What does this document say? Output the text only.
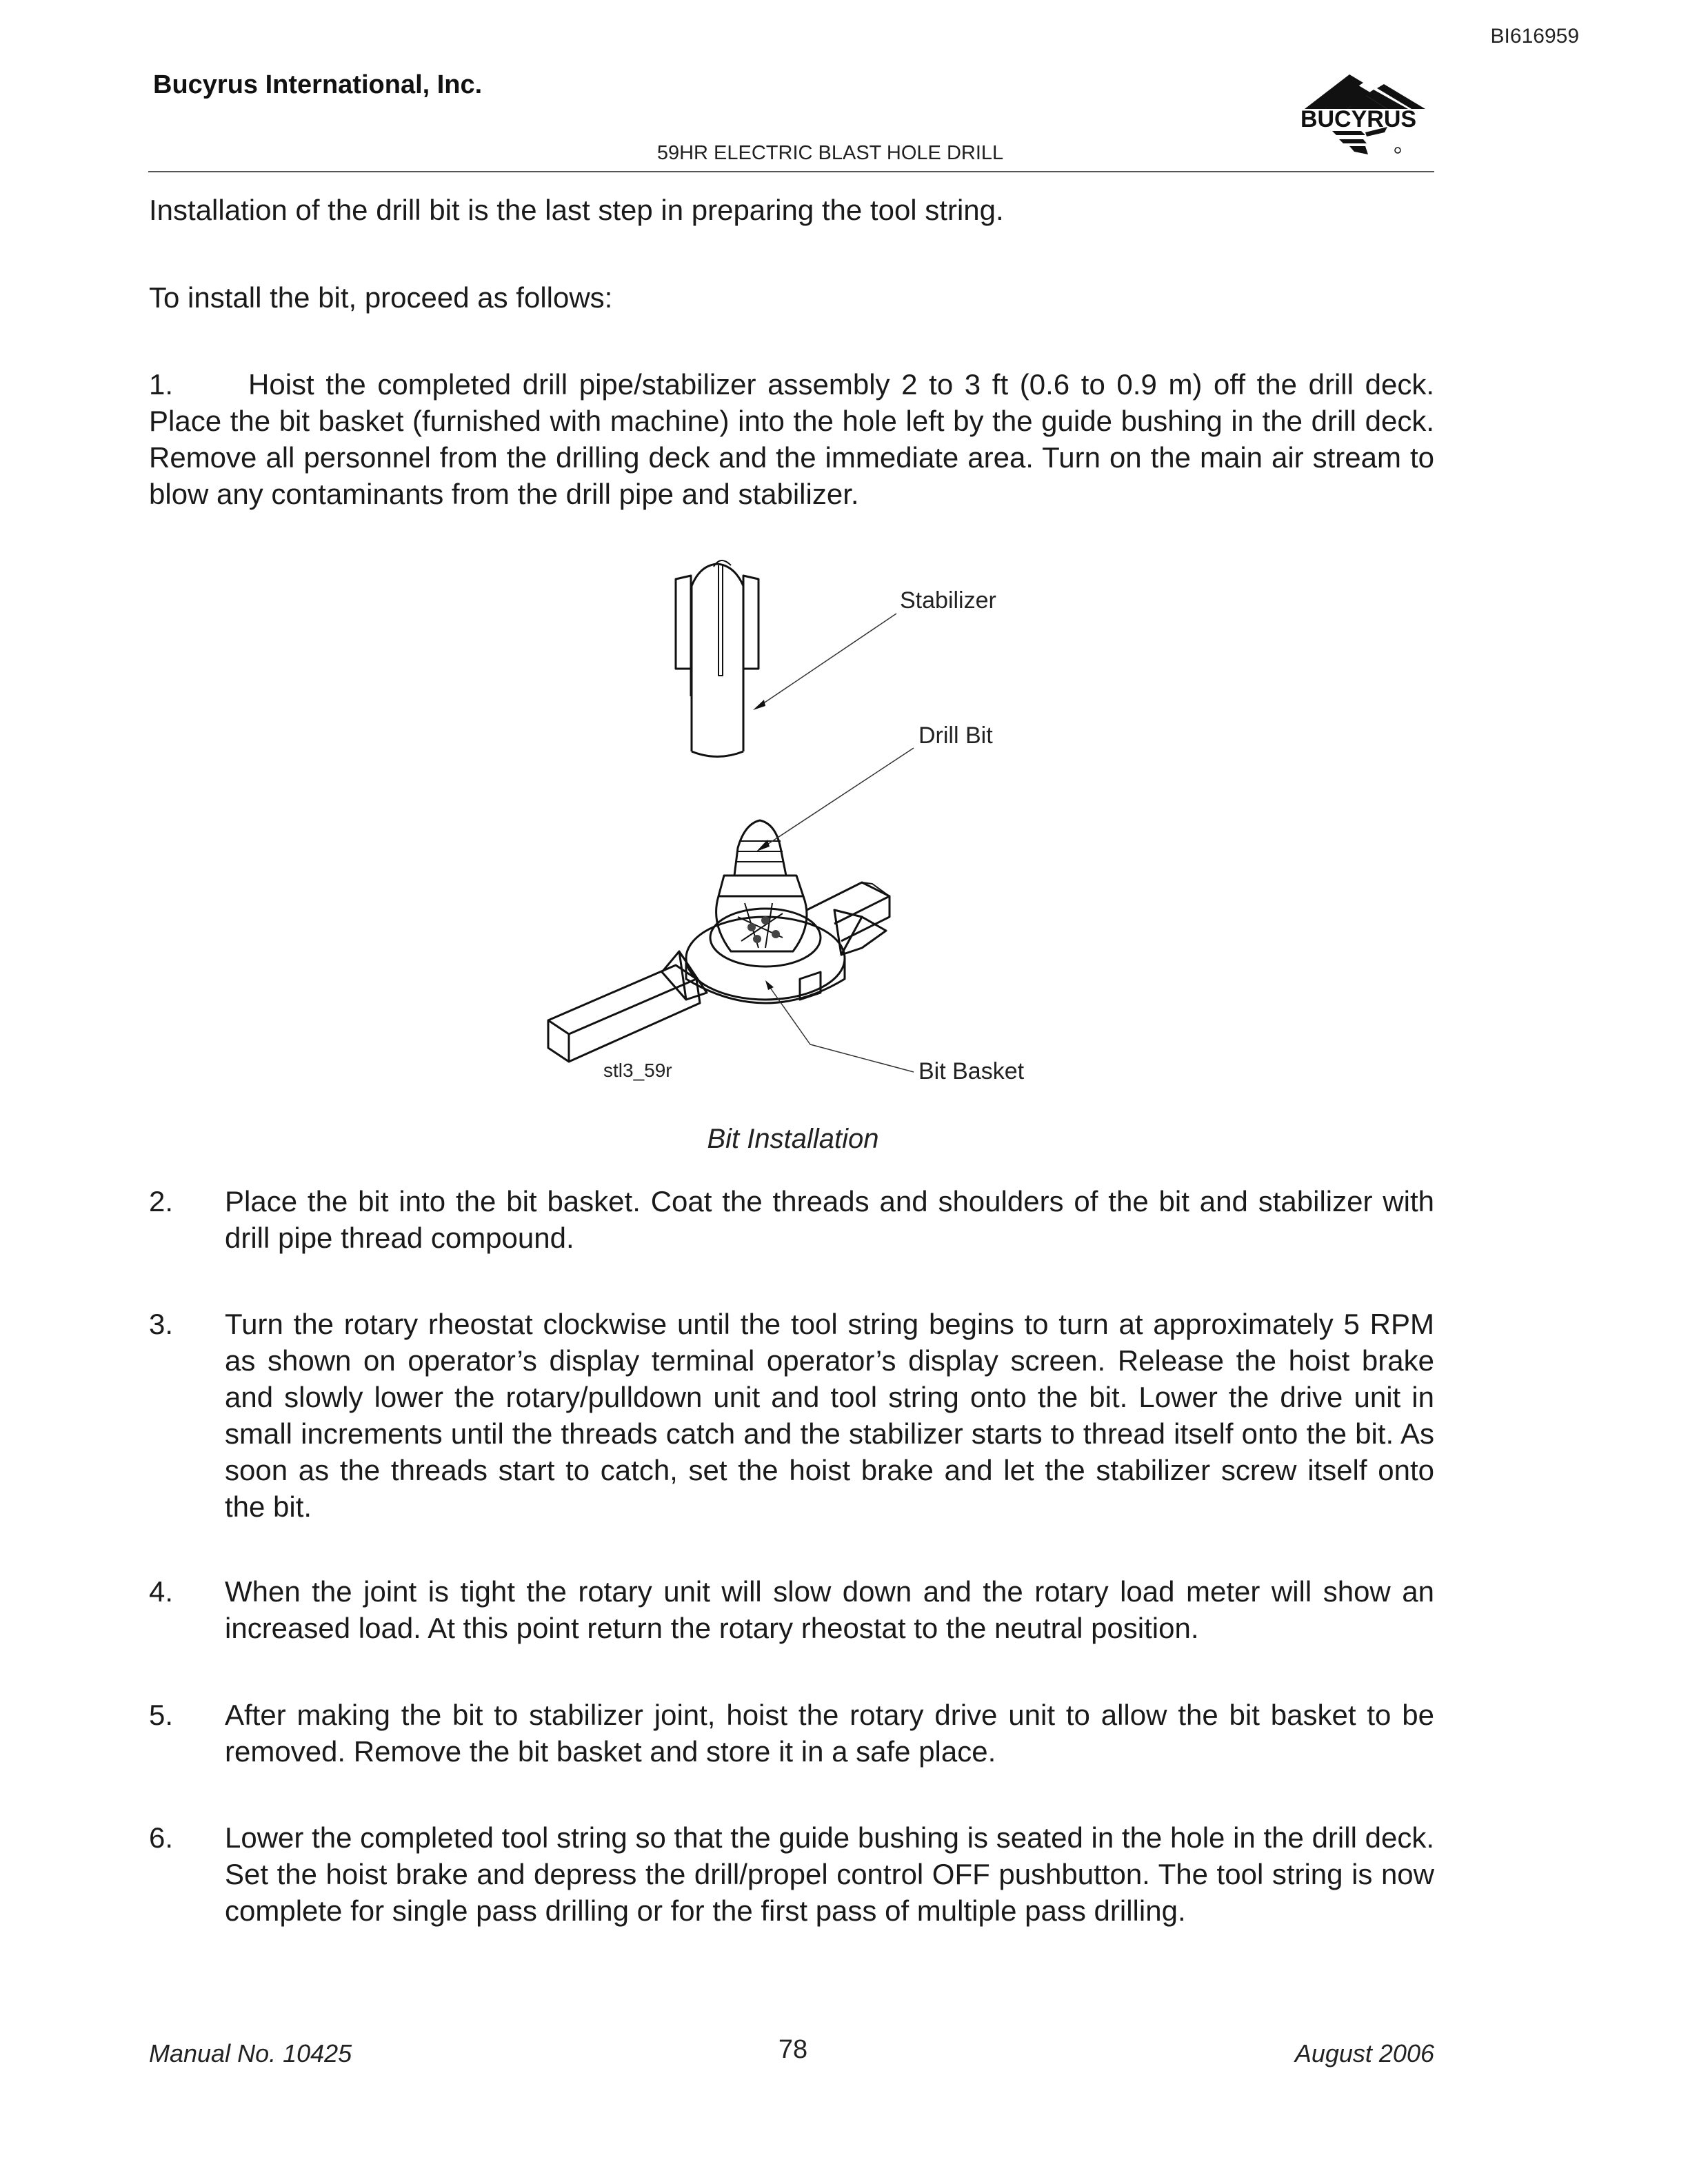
BI616959
Bucyrus International, Inc.
BUCYRUS
59HR ELECTRIC BLAST HOLE DRILL
Installation of the drill bit is the last step in preparing the tool string.
To install the bit, proceed as follows:
1.	Hoist the completed drill pipe/stabilizer assembly 2 to 3 ft (0.6 to 0.9 m) off the drill deck. Place the bit basket (furnished with machine) into the hole left by the guide bushing in the drill deck. Remove all personnel from the drilling deck and the immediate area. Turn on the main air stream to blow any contaminants from the drill pipe and stabilizer.
Stabilizer
Drill Bit
Bit Basket
stl3_59r
Bit Installation
2. Place the bit into the bit basket. Coat the threads and shoulders of the bit and stabilizer with drill pipe thread compound.
3. Turn the rotary rheostat clockwise until the tool string begins to turn at approximately 5 RPM as shown on operator’s display terminal operator’s display screen. Release the hoist brake and slowly lower the rotary/pulldown unit and tool string onto the bit. Lower the drive unit in small increments until the threads catch and the stabilizer starts to thread itself onto the bit. As soon as the threads start to catch, set the hoist brake and let the stabilizer screw itself onto the bit.
4. When the joint is tight the rotary unit will slow down and the rotary load meter will show an increased load. At this point return the rotary rheostat to the neutral position.
5. After making the bit to stabilizer joint, hoist the rotary drive unit to allow the bit basket to be removed. Remove the bit basket and store it in a safe place.
6. Lower the completed tool string so that the guide bushing is seated in the hole in the drill deck. Set the hoist brake and depress the drill/propel control OFF pushbutton. The tool string is now complete for single pass drilling or for the first pass of multiple pass drilling.
Manual No. 10425	78	August 2006
